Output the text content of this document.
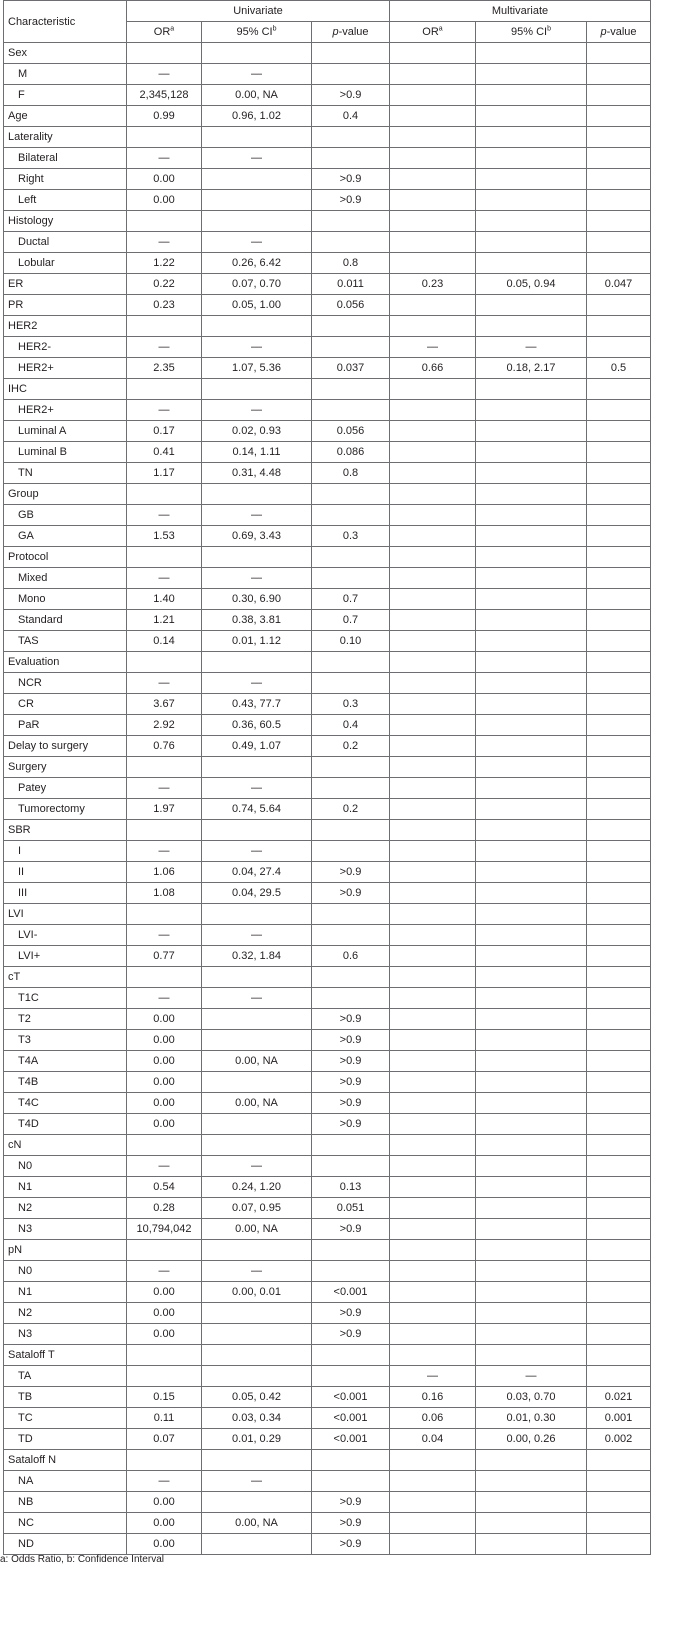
Characteristic	Univariate			Multivariate		
	$OR^a$	95% $CI^b$	p-value	$OR^a$	95% $CI^b$	p-value
Sex						
M	—	—				
F	2,345,128	0.00, NA	>0.9			
Age	0.99	0.96, 1.02	0.4			
Laterality						
Bilateral	—	—				
Right	0.00		>0.9			
Left	0.00		>0.9			
Histology						
Ductal	—	—				
Lobular	1.22	0.26, 6.42	0.8			
ER	0.22	0.07, 0.70	0.011	0.23	0.05, 0.94	0.047
PR	0.23	0.05, 1.00	0.056			
HER2						
HER2-	—	—		—	—	
HER2+	2.35	1.07, 5.36	0.037	0.66	0.18, 2.17	0.5
IHC						
HER2+	—	—				
Luminal A	0.17	0.02, 0.93	0.056			
Luminal B	0.41	0.14, 1.11	0.086			
TN	1.17	0.31, 4.48	0.8			
Group						
GB	—	—				
GA	1.53	0.69, 3.43	0.3			
Protocol						
Mixed	—	—				
Mono	1.40	0.30, 6.90	0.7			
Standard	1.21	0.38, 3.81	0.7			
TAS	0.14	0.01, 1.12	0.10			
Evaluation						
NCR	—	—				
CR	3.67	0.43, 77.7	0.3			
PaR	2.92	0.36, 60.5	0.4			
Delay to surgery	0.76	0.49, 1.07	0.2			
Surgery						
Patey	—	—				
Tumorectomy	1.97	0.74, 5.64	0.2			
SBR						
I	—	—				
II	1.06	0.04, 27.4	>0.9			
III	1.08	0.04, 29.5	>0.9			
LVI						
LVI-	—	—				
LVI+	0.77	0.32, 1.84	0.6			
cT						
T1C	—	—				
T2	0.00		>0.9			
T3	0.00		>0.9			
T4A	0.00	0.00, NA	>0.9			
T4B	0.00		>0.9			
T4C	0.00	0.00, NA	>0.9			
T4D	0.00		>0.9			
cN						
N0	—	—				
N1	0.54	0.24, 1.20	0.13			
N2	0.28	0.07, 0.95	0.051			
N3	10,794,042	0.00, NA	>0.9			
pN						
N0	—	—				
N1	0.00	0.00, 0.01	<0.001			
N2	0.00		>0.9			
N3	0.00		>0.9			
Sataloff T						
TA				—	—	
TB	0.15	0.05, 0.42	<0.001	0.16	0.03, 0.70	0.021
TC	0.11	0.03, 0.34	<0.001	0.06	0.01, 0.30	0.001
TD	0.07	0.01, 0.29	<0.001	0.04	0.00, 0.26	0.002
Sataloff N						
NA	—	—				
NB	0.00		>0.9			
NC	0.00	0.00, NA	>0.9			
ND	0.00		>0.9			
a: Odds Ratio, b: Confidence Interval
